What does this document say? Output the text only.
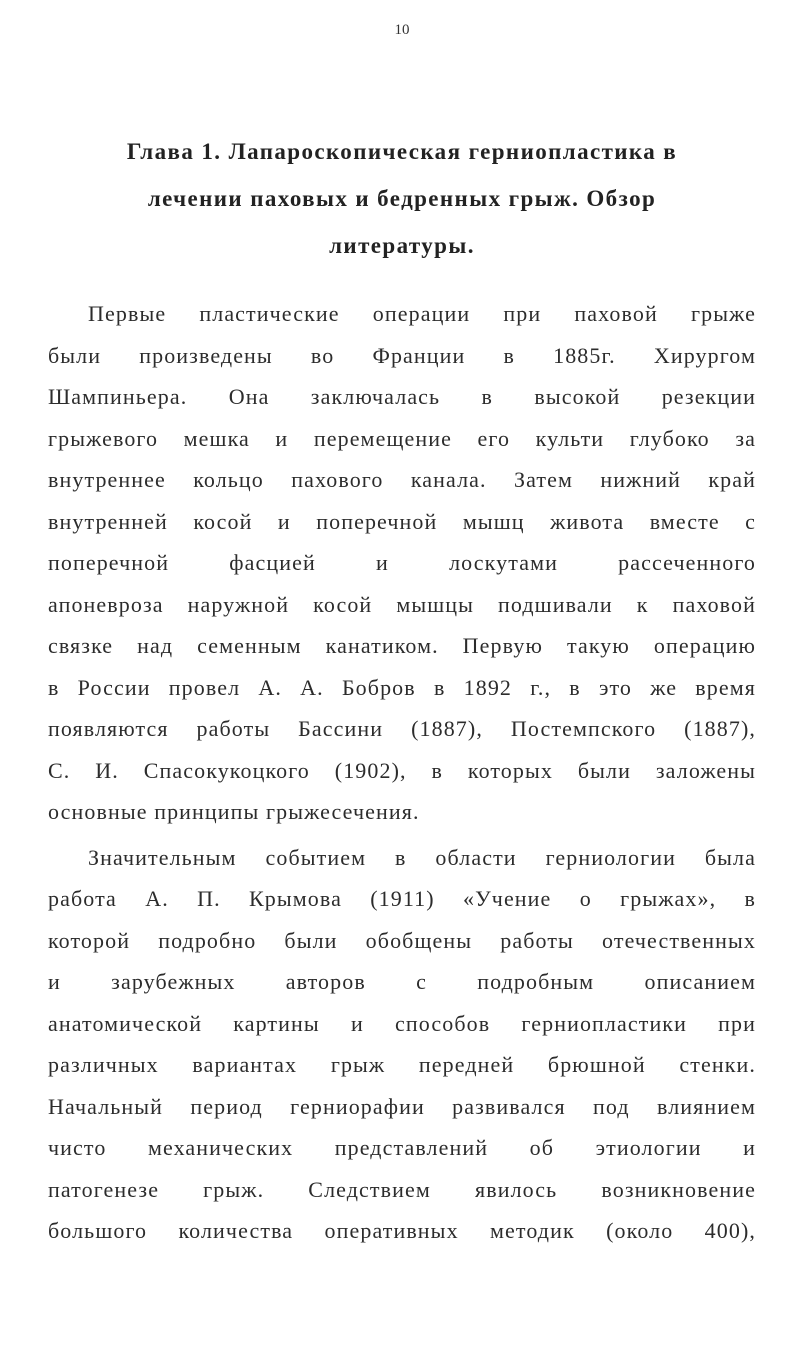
10
Глава 1. Лапароскопическая герниопластика в
лечении паховых и бедренных грыж. Обзор
литературы.
Первые пластические операции при паховой грыже
были произведены во Франции в 1885г. Хирургом
Шампиньера. Она заключалась в высокой резекции
грыжевого мешка и перемещение его культи глубоко за
внутреннее кольцо пахового канала. Затем нижний край
внутренней косой и поперечной мышц живота вместе с
поперечной фасцией и лоскутами рассеченного
апоневроза наружной косой мышцы подшивали к паховой
связке над семенным канатиком. Первую такую операцию
в России провел А. А. Бобров в 1892 г., в это же время
появляются работы Бассини (1887), Постемпского (1887),
С. И. Спасокукоцкого (1902), в которых были заложены
основные принципы грыжесечения.
Значительным событием в области герниологии была
работа А. П. Крымова (1911) «Учение о грыжах», в
которой подробно были обобщены работы отечественных
и зарубежных авторов с подробным описанием
анатомической картины и способов герниопластики при
различных вариантах грыж передней брюшной стенки.
Начальный период герниорафии развивался под влиянием
чисто механических представлений об этиологии и
патогенезе грыж. Следствием явилось возникновение
большого количества оперативных методик (около 400),
